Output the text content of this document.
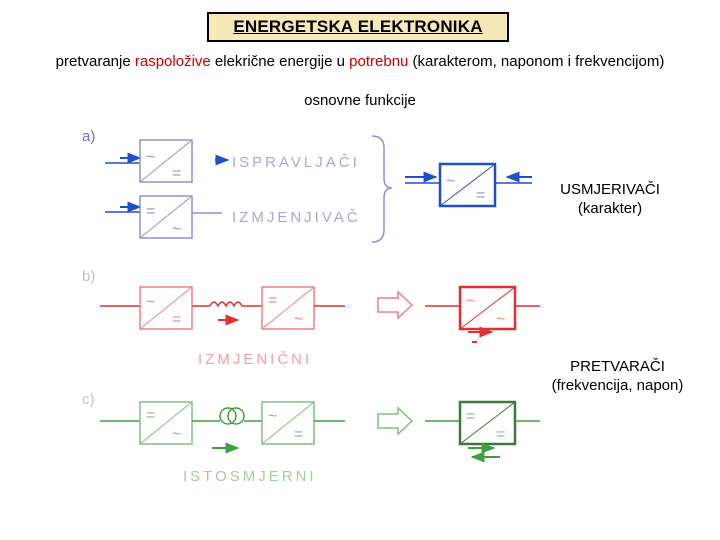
ENERGETSKA ELEKTRONIKA
pretvaranje raspoložive elekrične energije u potrebnu (karakterom, naponom i frekvencijom)
osnovne funkcije
USMJERIVAČI
(karakter)
PRETVARAČI
(frekvencija, napon)
a)
~
=
ISPRAVLJAČI
=
~
IZMJENJIVAČ
~
=
b)
~
=
=
~
~
~
IZMJENIČNI
c)
=
~
~
=
=
=
ISTOSMJERNI
